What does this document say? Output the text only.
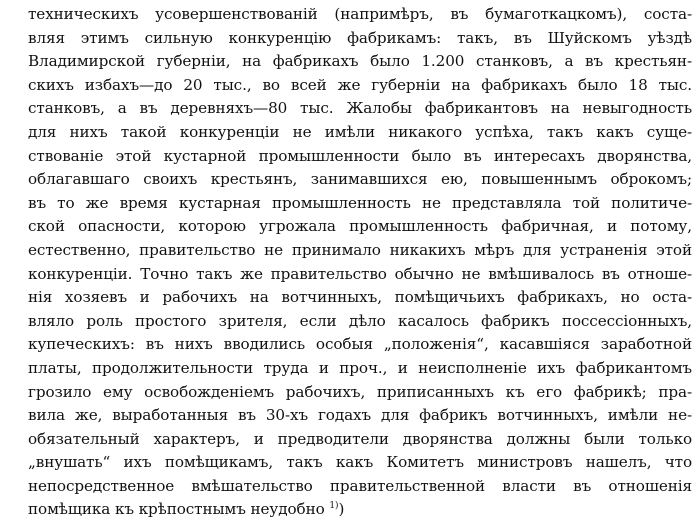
техническихъ усовершенствованій (напримѣръ, въ бумаготкацкомъ), соста-
вляя этимъ сильную конкуренцію фабрикамъ: такъ, въ Шуйскомъ уѣздѣ
Владимирской губерніи, на фабрикахъ было 1.200 станковъ, а въ крестьян-
скихъ избахъ—до 20 тыс., во всей же губерніи на фабрикахъ было 18 тыс.
станковъ, а въ деревняхъ—80 тыс. Жалобы фабрикантовъ на невыгодность
для нихъ такой конкуренціи не имѣли никакого успѣха, такъ какъ суще-
ствованіе этой кустарной промышленности было въ интересахъ дворянства,
облагавшаго своихъ крестьянъ, занимавшихся ею, повышеннымъ оброкомъ;
въ то же время кустарная промышленность не представляла той политиче-
ской опасности, которою угрожала промышленность фабричная, и потому,
естественно, правительство не принимало никакихъ мѣръ для устраненія этой
конкуренціи. Точно такъ же правительство обычно не вмѣшивалось въ отноше-
нія хозяевъ и рабочихъ на вотчинныхъ, помѣщичьихъ фабрикахъ, но оста-
вляло роль простого зрителя, если дѣло касалось фабрикъ поссессіонныхъ,
купеческихъ: въ нихъ вводились особыя „положенія“, касавшіяся заработной
платы, продолжительности труда и проч., и неисполненіе ихъ фабрикантомъ
грозило ему освобожденіемъ рабочихъ, приписанныхъ къ его фабрикѣ; пра-
вила же, выработанныя въ 30-хъ годахъ для фабрикъ вотчинныхъ, имѣли не-
обязательный характеръ, и предводители дворянства должны были только
„внушать“ ихъ помѣщикамъ, такъ какъ Комитетъ министровъ нашелъ, что
непосредственное вмѣшательство правительственной власти въ отношенія
помѣщика къ крѣпостнымъ неудобно $^{1)}$)
